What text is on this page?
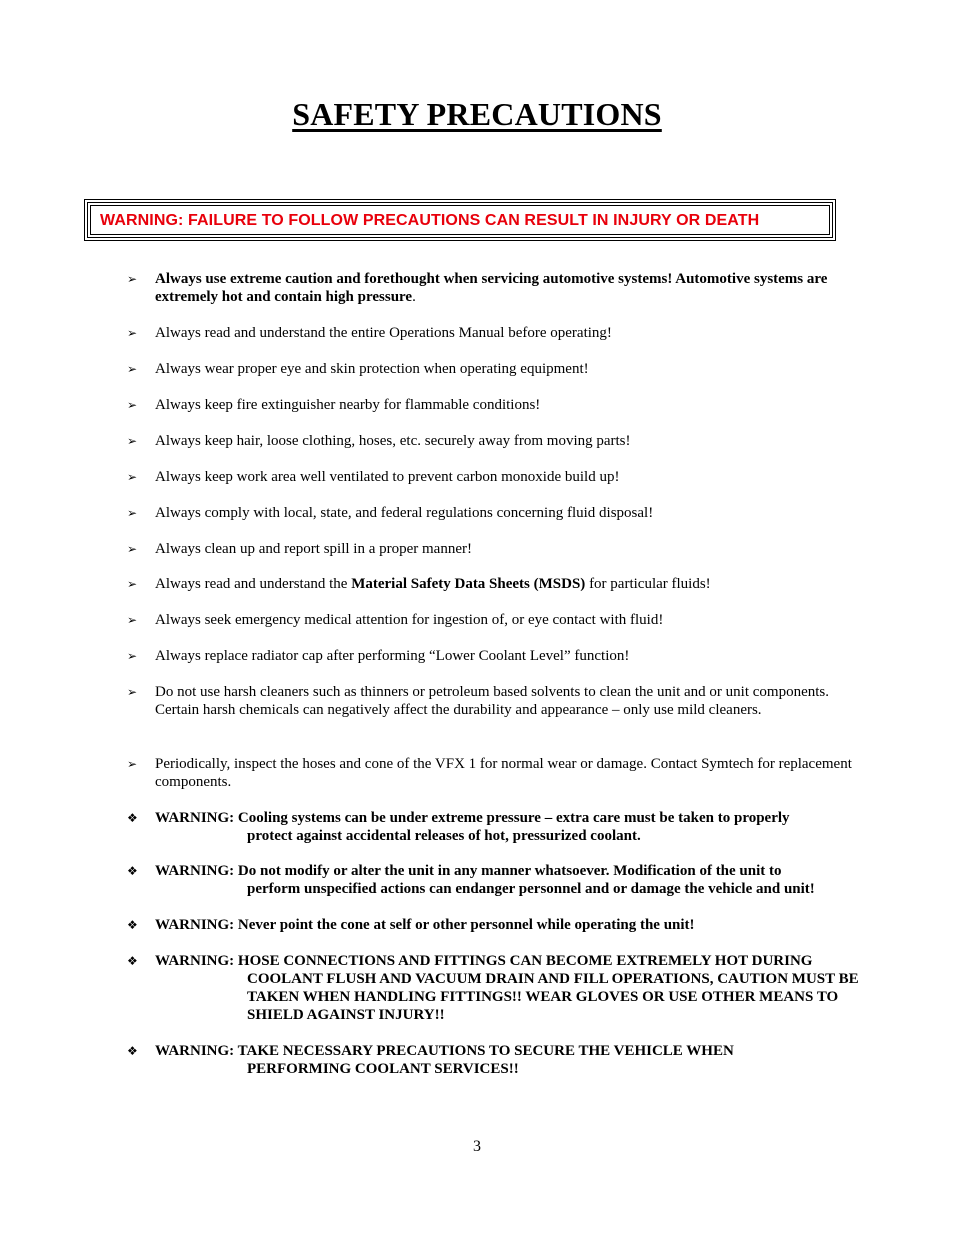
SAFETY PRECAUTIONS
WARNING: FAILURE TO FOLLOW PRECAUTIONS CAN RESULT IN INJURY OR DEATH
➢	Always use extreme caution and forethought when servicing automotive systems! Automotive systems are extremely hot and contain high pressure.
➢	Always read and understand the entire Operations Manual before operating!
➢	Always wear proper eye and skin protection when operating equipment!
➢	Always keep fire extinguisher nearby for flammable conditions!
➢	Always keep hair, loose clothing, hoses, etc. securely away from moving parts!
➢	Always keep work area well ventilated to prevent carbon monoxide build up!
➢	Always comply with local, state, and federal regulations concerning fluid disposal!
➢	Always clean up and report spill in a proper manner!
➢	Always read and understand the Material Safety Data Sheets (MSDS) for particular fluids!
➢	Always seek emergency medical attention for ingestion of, or eye contact with fluid!
➢	Always replace radiator cap after performing “Lower Coolant Level” function!
➢	Do not use harsh cleaners such as thinners or petroleum based solvents to clean the unit and or unit components. Certain harsh chemicals can negatively affect the durability and appearance – only use mild cleaners.
➢	Periodically, inspect the hoses and cone of the VFX 1 for normal wear or damage. Contact Symtech for replacement components.
❖	WARNING: Cooling systems can be under extreme pressure – extra care must be taken to properly
protect against accidental releases of hot, pressurized coolant.
❖	WARNING: Do not modify or alter the unit in any manner whatsoever. Modification of the unit to
perform unspecified actions can endanger personnel and or damage the vehicle and unit!
❖	WARNING: Never point the cone at self or other personnel while operating the unit!
❖	WARNING: HOSE CONNECTIONS AND FITTINGS CAN BECOME EXTREMELY HOT DURING
COOLANT FLUSH AND VACUUM DRAIN AND FILL OPERATIONS, CAUTION MUST BE TAKEN WHEN HANDLING FITTINGS!! WEAR GLOVES OR USE OTHER MEANS TO SHIELD AGAINST INJURY!!
❖	WARNING: TAKE NECESSARY PRECAUTIONS TO SECURE THE VEHICLE WHEN
PERFORMING COOLANT SERVICES!!
3
